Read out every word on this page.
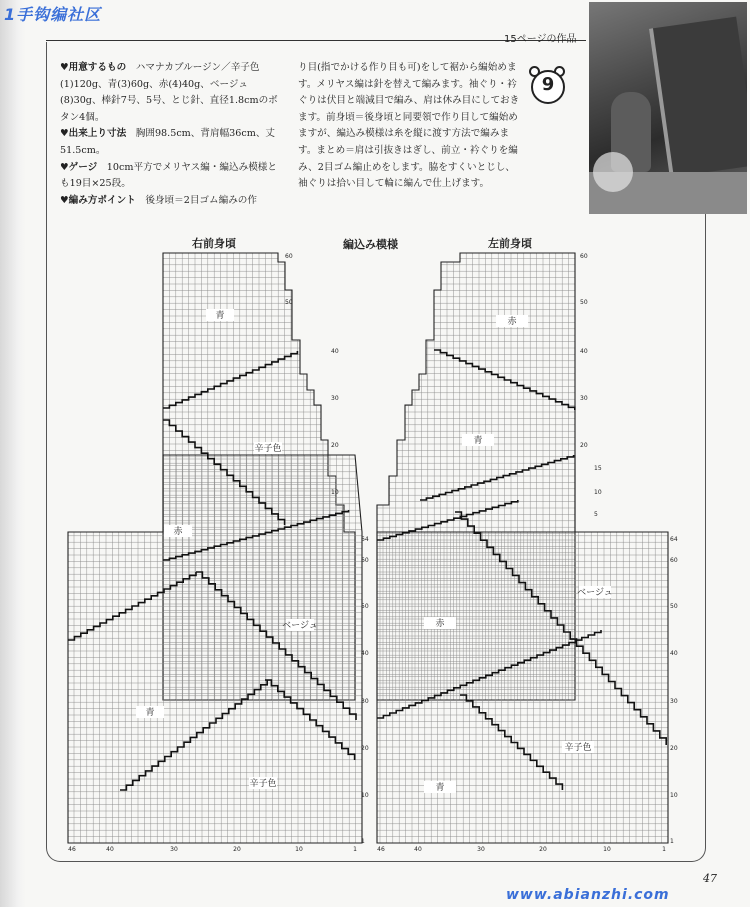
1手钩编社区
15ページの作品
♥用意するもの　 ハマナカブルージン／辛子色(1)120g、青(3)60g、赤(4)40g、ベージュ(8)30g、棒針7号、5号、とじ針、直径1.8cmのボタン4個。
♥出来上り寸法　 胸囲98.5cm、背肩幅36cm、丈51.5cm。
♥ゲージ　 10cm平方でメリヤス編・編込み模様とも19目×25段。
♥編み方ポイント　 後身頃＝2目ゴム編みの作
り目(指でかける作り目も可)をして裾から編始めます。メリヤス編は針を替えて編みます。袖ぐり・衿ぐりは伏目と端減目で編み、肩は休み目にしておきます。前身頃＝後身頃と同要領で作り目して編始めますが、編込み模様は糸を縦に渡す方法で編みます。まとめ＝肩は引抜きはぎし、前立・衿ぐりを編み、2目ゴム編止めをします。脇をすくいとじし、袖ぐりは拾い目して輪に編んで仕上げます。
9
右前身頃	編込み模様	左前身頃
60
50
40
30
20
10
64
60
50
40
30
20
10
1
60
50
40
30
20
15
10
5
64
60
50
40
30
20
10
1
46	40	30	20	10	1	46	40	30	20	10	1
青
辛子色
赤
ベージュ
青
辛子色
赤
青
ベージュ
赤
辛子色
青
47
www.abianzhi.com
